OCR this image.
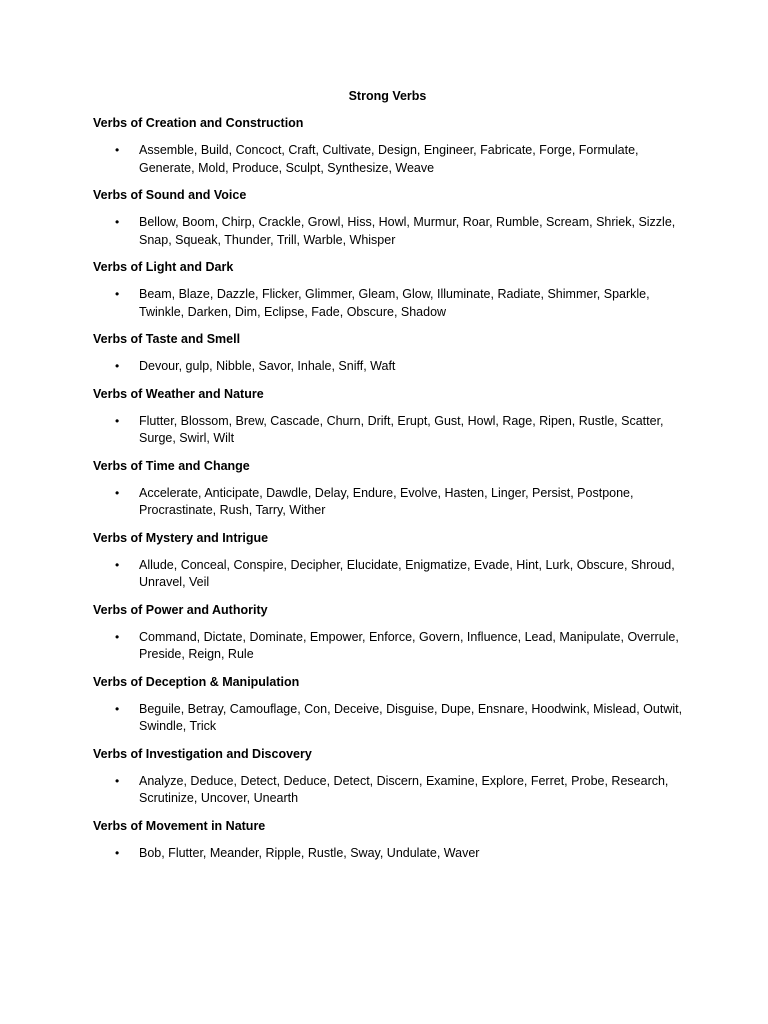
Strong Verbs
Verbs of Creation and Construction
• Assemble, Build, Concoct, Craft, Cultivate, Design, Engineer, Fabricate, Forge, Formulate, Generate, Mold, Produce, Sculpt, Synthesize, Weave
Verbs of Sound and Voice
• Bellow, Boom, Chirp, Crackle, Growl, Hiss, Howl, Murmur, Roar, Rumble, Scream, Shriek, Sizzle, Snap, Squeak, Thunder, Trill, Warble, Whisper
Verbs of Light and Dark
• Beam, Blaze, Dazzle, Flicker, Glimmer, Gleam, Glow, Illuminate, Radiate, Shimmer, Sparkle, Twinkle, Darken, Dim, Eclipse, Fade, Obscure, Shadow
Verbs of Taste and Smell
• Devour, gulp, Nibble, Savor, Inhale, Sniff, Waft
Verbs of Weather and Nature
• Flutter, Blossom, Brew, Cascade, Churn, Drift, Erupt, Gust, Howl, Rage, Ripen, Rustle, Scatter, Surge, Swirl, Wilt
Verbs of Time and Change
• Accelerate, Anticipate, Dawdle, Delay, Endure, Evolve, Hasten, Linger, Persist, Postpone, Procrastinate, Rush, Tarry, Wither
Verbs of Mystery and Intrigue
• Allude, Conceal, Conspire, Decipher, Elucidate, Enigmatize, Evade, Hint, Lurk, Obscure, Shroud, Unravel, Veil
Verbs of Power and Authority
• Command, Dictate, Dominate, Empower, Enforce, Govern, Influence, Lead, Manipulate, Overrule, Preside, Reign, Rule
Verbs of Deception & Manipulation
• Beguile, Betray, Camouflage, Con, Deceive, Disguise, Dupe, Ensnare, Hoodwink, Mislead, Outwit, Swindle, Trick
Verbs of Investigation and Discovery
• Analyze, Deduce, Detect, Deduce, Detect, Discern, Examine, Explore, Ferret, Probe, Research, Scrutinize, Uncover, Unearth
Verbs of Movement in Nature
• Bob, Flutter, Meander, Ripple, Rustle, Sway, Undulate, Waver
